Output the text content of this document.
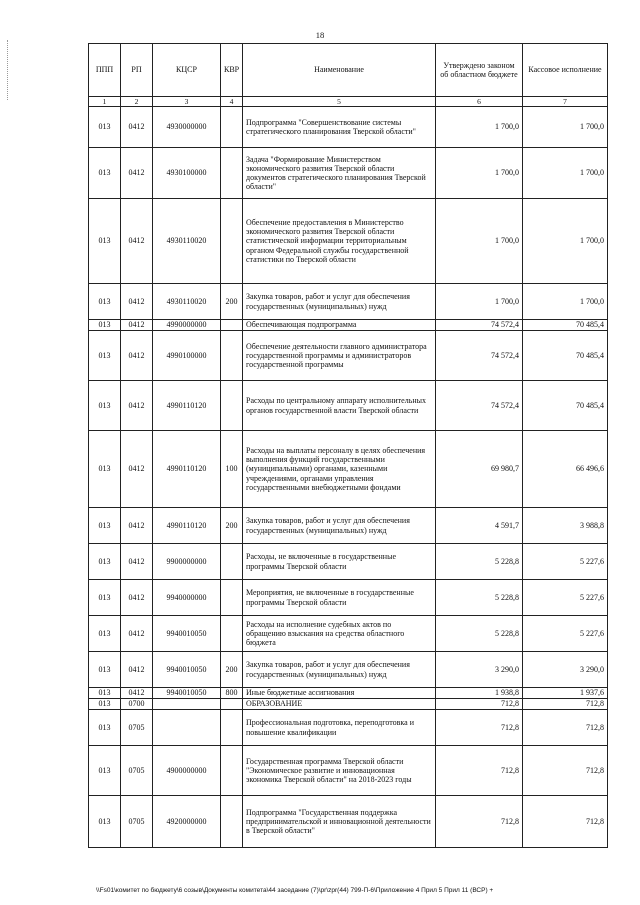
18
ППП	РП	КЦСР	КВР	Наименование	Утверждено законом об областном бюджете	Кассовое исполнение
1	2	3	4	5	6	7
013	0412	4930000000		Подпрограмма "Совершенствование системы стратегического планирования Тверской области"	1 700,0	1 700,0
013	0412	4930100000		Задача "Формирование Министерством экономического развития Тверской области документов стратегического планирования Тверской области"	1 700,0	1 700,0
013	0412	4930110020		Обеспечение предоставления в Министерство экономического развития Тверской области статистической информации территориальным органом Федеральной службы государственной статистики по Тверской области	1 700,0	1 700,0
013	0412	4930110020	200	Закупка товаров, работ и услуг для обеспечения государственных (муниципальных) нужд	1 700,0	1 700,0
013	0412	4990000000		Обеспечивающая подпрограмма	74 572,4	70 485,4
013	0412	4990100000		Обеспечение деятельности главного администратора государственной программы и администраторов государственной программы	74 572,4	70 485,4
013	0412	4990110120		Расходы по центральному аппарату исполнительных органов государственной власти Тверской области	74 572,4	70 485,4
013	0412	4990110120	100	Расходы на выплаты персоналу в целях обеспечения выполнения функций государственными (муниципальными) органами, казенными учреждениями, органами управления государственными внебюджетными фондами	69 980,7	66 496,6
013	0412	4990110120	200	Закупка товаров, работ и услуг для обеспечения государственных (муниципальных) нужд	4 591,7	3 988,8
013	0412	9900000000		Расходы, не включенные в государственные программы Тверской области	5 228,8	5 227,6
013	0412	9940000000		Мероприятия, не включенные в государственные программы Тверской области	5 228,8	5 227,6
013	0412	9940010050		Расходы на исполнение судебных актов по обращению взыскания на средства областного бюджета	5 228,8	5 227,6
013	0412	9940010050	200	Закупка товаров, работ и услуг для обеспечения государственных (муниципальных) нужд	3 290,0	3 290,0
013	0412	9940010050	800	Иные бюджетные ассигнования	1 938,8	1 937,6
013	0700			ОБРАЗОВАНИЕ	712,8	712,8
013	0705			Профессиональная подготовка, переподготовка и повышение квалификации	712,8	712,8
013	0705	4900000000		Государственная программа Тверской области "Экономическое развитие и инновационная экономика Тверской области" на 2018-2023 годы	712,8	712,8
013	0705	4920000000		Подпрограмма "Государственная поддержка предпринимательской и инновационной деятельности в Тверской области"	712,8	712,8
\\Fs01\комитет по бюджету\6 созыв\Документы комитета\44 заседание (7)\pr\zpr(44) 799-П-6\Приложение 4 Прил 5 Прил 11 (ВСР) +
